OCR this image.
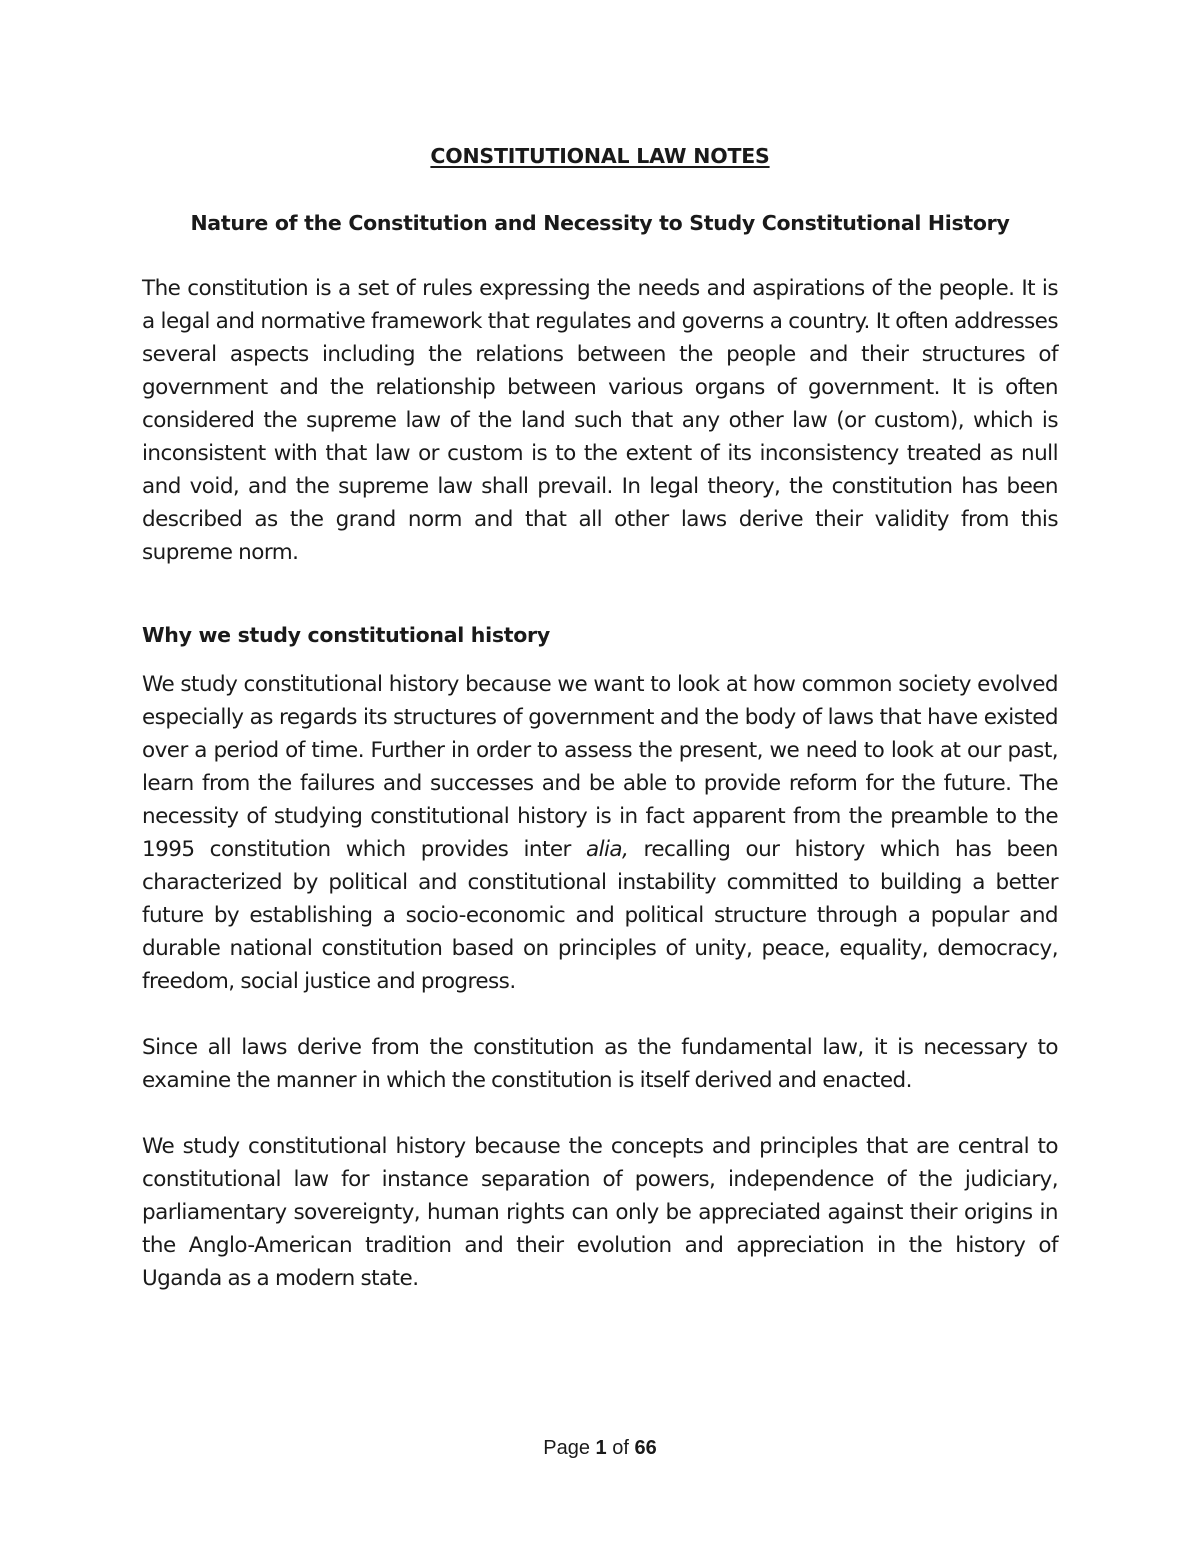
CONSTITUTIONAL LAW NOTES
Nature of the Constitution and Necessity to Study Constitutional History

The constitution is a set of rules expressing the needs and aspirations of the people. It is a legal and normative framework that regulates and governs a country. It often addresses several aspects including the relations between the people and their structures of government and the relationship between various organs of government. It is often considered the supreme law of the land such that any other law (or custom), which is inconsistent with that law or custom is to the extent of its inconsistency treated as null and void, and the supreme law shall prevail. In legal theory, the constitution has been described as the grand norm and that all other laws derive their validity from this supreme norm.

Why we study constitutional history

We study constitutional history because we want to look at how common society evolved especially as regards its structures of government and the body of laws that have existed over a period of time. Further in order to assess the present, we need to look at our past, learn from the failures and successes and be able to provide reform for the future. The necessity of studying constitutional history is in fact apparent from the preamble to the 1995 constitution which provides inter alia, recalling our history which has been characterized by political and constitutional instability committed to building a better future by establishing a socio-economic and political structure through a popular and durable national constitution based on principles of unity, peace, equality, democracy, freedom, social justice and progress.

Since all laws derive from the constitution as the fundamental law, it is necessary to examine the manner in which the constitution is itself derived and enacted.

We study constitutional history because the concepts and principles that are central to constitutional law for instance separation of powers, independence of the judiciary, parliamentary sovereignty, human rights can only be appreciated against their origins in the Anglo-American tradition and their evolution and appreciation in the history of Uganda as a modern state.

Page 1 of 66
